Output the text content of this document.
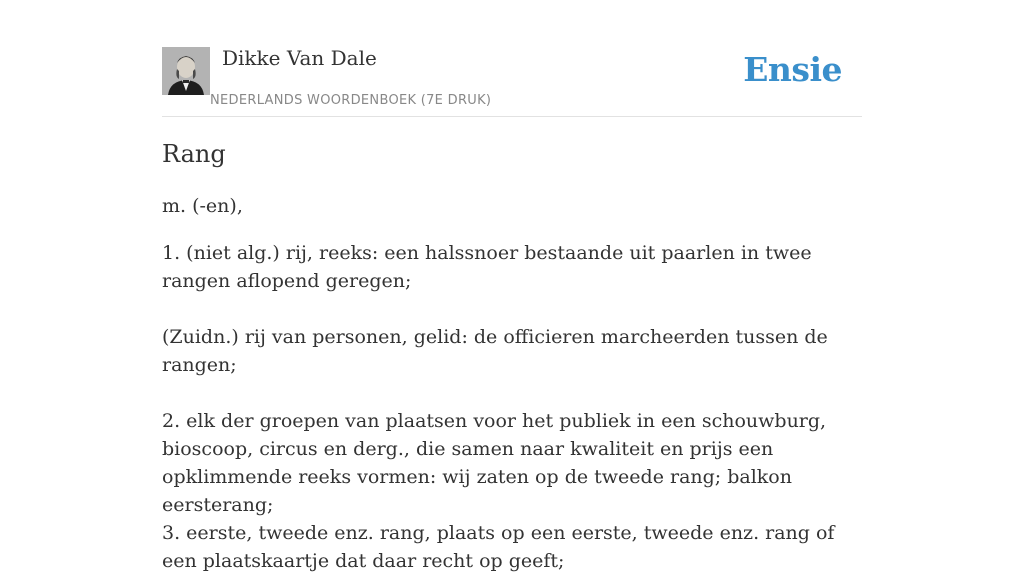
Dikke Van Dale
NEDERLANDS WOORDENBOEK (7E DRUK)
Ensie
Rang
m. (-en),

1. (niet alg.) rij, reeks: een halssnoer bestaande uit paarlen in twee rangen aflopend geregen;

(Zuidn.) rij van personen, gelid: de officieren marcheerden tussen de rangen;

2. elk der groepen van plaatsen voor het publiek in een schouwburg, bioscoop, circus en derg., die samen naar kwaliteit en prijs een opklimmende reeks vormen: wij zaten op de tweede rang; balkon eersterang;

3. eerste, tweede enz. rang, plaats op een eerste, tweede enz. rang of een plaatskaartje dat daar recht op geeft;
